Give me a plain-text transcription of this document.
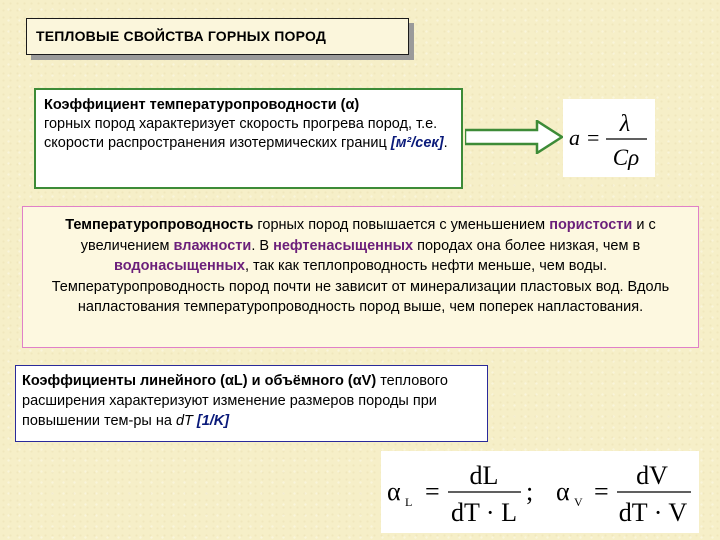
ТЕПЛОВЫЕ СВОЙСТВА ГОРНЫХ ПОРОД
Коэффициент температуропроводности (α)
горных пород характеризует скорость прогрева пород, т.е. скорости распространения изотермических границ [м²/сек].	a =
λ
Cρ
Температуропроводность горных пород повышается с уменьшением пористости и с увеличением влажности. В нефтенасыщенных породах она более низкая, чем в водонасыщенных, так как теплопроводность нефти меньше, чем воды. Температуропроводность пород почти не зависит от минерализации пластовых вод. Вдоль напластования температуропроводность пород выше, чем поперек напластования.
Коэффициенты линейного (αL) и объёмного (αV) теплового расширения характеризуют изменение размеров породы при повышении тем-ры на dT [1/K]
α L =
dL
dT · L
; α V =
dV
dT · V
